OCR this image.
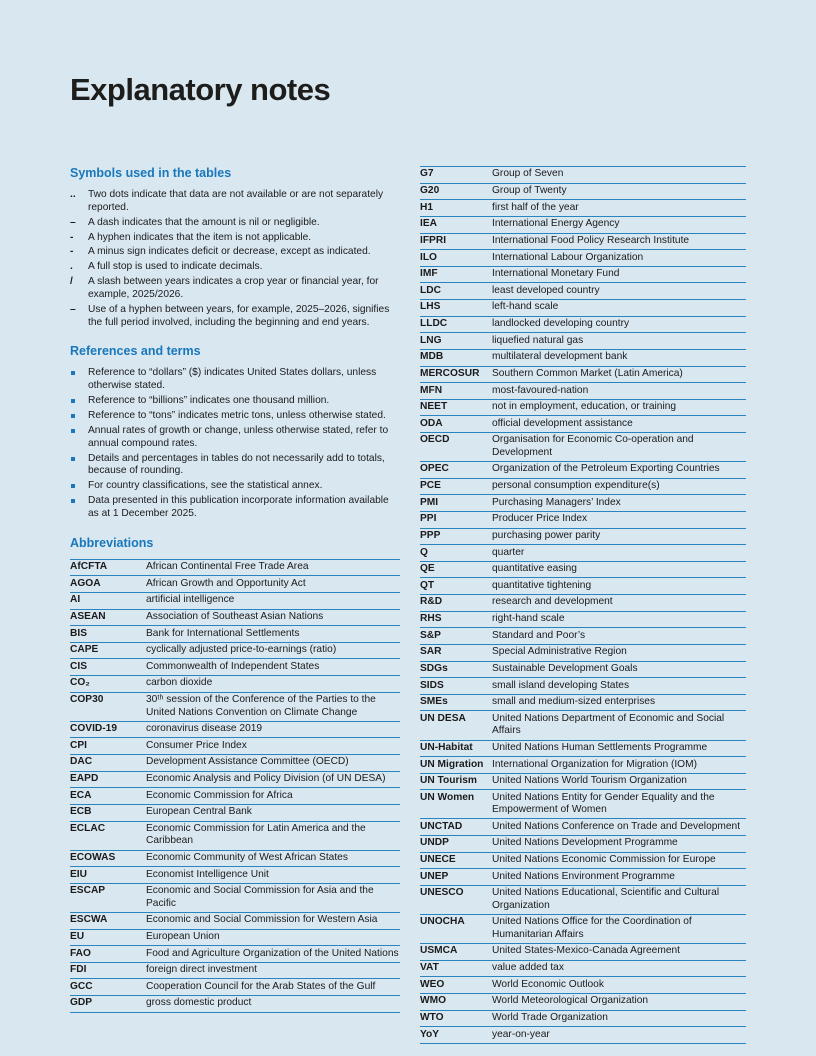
Explanatory notes
Symbols used in the tables
..	Two dots indicate that data are not available or are not separately reported.
–	A dash indicates that the amount is nil or negligible.
-	A hyphen indicates that the item is not applicable.
-	A minus sign indicates deficit or decrease, except as indicated.
.	A full stop is used to indicate decimals.
/	A slash between years indicates a crop year or financial year, for example, 2025/2026.
–	Use of a hyphen between years, for example, 2025–2026, signifies the full period involved, including the beginning and end years.
References and terms
Reference to “dollars” ($) indicates United States dollars, unless otherwise stated.
Reference to “billions” indicates one thousand million.
Reference to “tons” indicates metric tons, unless otherwise stated.
Annual rates of growth or change, unless otherwise stated, refer to annual compound rates.
Details and percentages in tables do not necessarily add to totals, because of rounding.
For country classifications, see the statistical annex.
Data presented in this publication incorporate information available as at 1 December 2025.
Abbreviations
AfCFTA	African Continental Free Trade Area
AGOA	African Growth and Opportunity Act
AI	artificial intelligence
ASEAN	Association of Southeast Asian Nations
BIS	Bank for International Settlements
CAPE	cyclically adjusted price-to-earnings (ratio)
CIS	Commonwealth of Independent States
CO₂	carbon dioxide
COP30	30ᵗʰ session of the Conference of the Parties to the United Nations Convention on Climate Change
COVID-19	coronavirus disease 2019
CPI	Consumer Price Index
DAC	Development Assistance Committee (OECD)
EAPD	Economic Analysis and Policy Division (of UN DESA)
ECA	Economic Commission for Africa
ECB	European Central Bank
ECLAC	Economic Commission for Latin America and the Caribbean
ECOWAS	Economic Community of West African States
EIU	Economist Intelligence Unit
ESCAP	Economic and Social Commission for Asia and the Pacific
ESCWA	Economic and Social Commission for Western Asia
EU	European Union
FAO	Food and Agriculture Organization of the United Nations
FDI	foreign direct investment
GCC	Cooperation Council for the Arab States of the Gulf
GDP	gross domestic product
G7	Group of Seven
G20	Group of Twenty
H1	first half of the year
IEA	International Energy Agency
IFPRI	International Food Policy Research Institute
ILO	International Labour Organization
IMF	International Monetary Fund
LDC	least developed country
LHS	left-hand scale
LLDC	landlocked developing country
LNG	liquefied natural gas
MDB	multilateral development bank
MERCOSUR	Southern Common Market (Latin America)
MFN	most-favoured-nation
NEET	not in employment, education, or training
ODA	official development assistance
OECD	Organisation for Economic Co-operation and Development
OPEC	Organization of the Petroleum Exporting Countries
PCE	personal consumption expenditure(s)
PMI	Purchasing Managers’ Index
PPI	Producer Price Index
PPP	purchasing power parity
Q	quarter
QE	quantitative easing
QT	quantitative tightening
R&D	research and development
RHS	right-hand scale
S&P	Standard and Poor’s
SAR	Special Administrative Region
SDGs	Sustainable Development Goals
SIDS	small island developing States
SMEs	small and medium-sized enterprises
UN DESA	United Nations Department of Economic and Social Affairs
UN-Habitat	United Nations Human Settlements Programme
UN Migration	International Organization for Migration (IOM)
UN Tourism	United Nations World Tourism Organization
UN Women	United Nations Entity for Gender Equality and the Empowerment of Women
UNCTAD	United Nations Conference on Trade and Development
UNDP	United Nations Development Programme
UNECE	United Nations Economic Commission for Europe
UNEP	United Nations Environment Programme
UNESCO	United Nations Educational, Scientific and Cultural Organization
UNOCHA	United Nations Office for the Coordination of Humanitarian Affairs
USMCA	United States-Mexico-Canada Agreement
VAT	value added tax
WEO	World Economic Outlook
WMO	World Meteorological Organization
WTO	World Trade Organization
YoY	year-on-year
